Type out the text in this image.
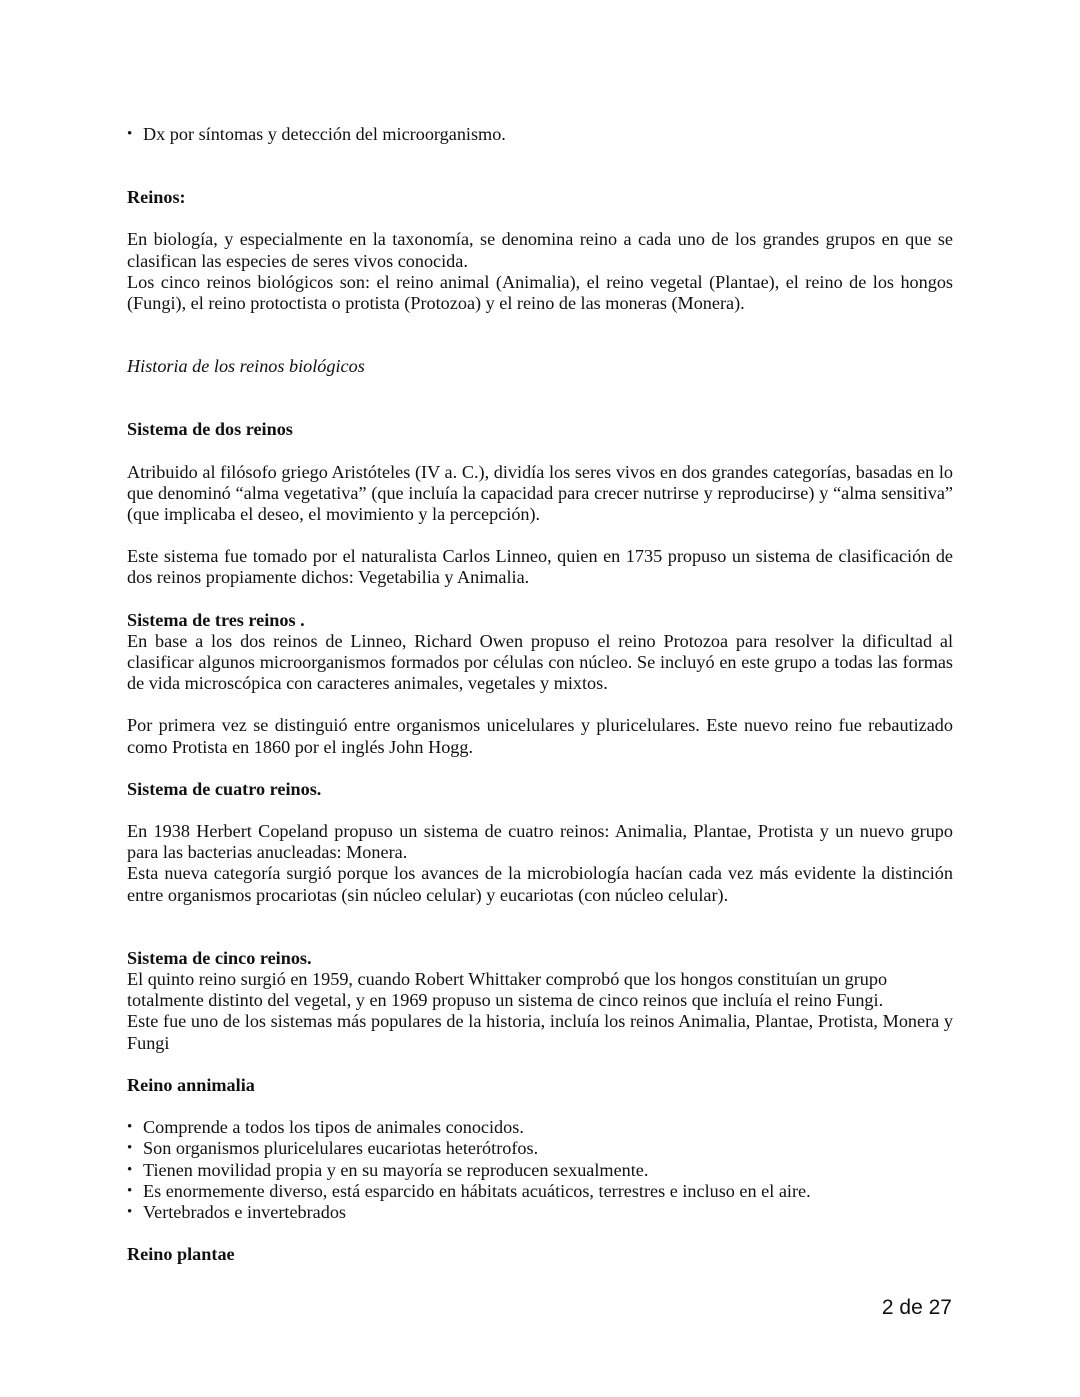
• Dx por síntomas y detección del microorganismo.

Reinos:

En biología, y especialmente en la taxonomía, se denomina reino a cada uno de los grandes grupos en que se clasifican las especies de seres vivos conocida.

Los cinco reinos biológicos son: el reino animal (Animalia), el reino vegetal (Plantae), el reino de los hongos (Fungi), el reino protoctista o protista (Protozoa) y el reino de las moneras (Monera).

Historia de los reinos biológicos

Sistema de dos reinos

Atribuido al filósofo griego Aristóteles (IV a. C.), dividía los seres vivos en dos grandes categorías, basadas en lo que denominó “alma vegetativa” (que incluía la capacidad para crecer nutrirse y reproducirse) y “alma sensitiva” (que implicaba el deseo, el movimiento y la percepción).

Este sistema fue tomado por el naturalista Carlos Linneo, quien en 1735 propuso un sistema de clasificación de dos reinos propiamente dichos: Vegetabilia y Animalia.

Sistema de tres reinos .

En base a los dos reinos de Linneo, Richard Owen propuso el reino Protozoa para resolver la dificultad al clasificar algunos microorganismos formados por células con núcleo. Se incluyó en este grupo a todas las formas de vida microscópica con caracteres animales, vegetales y mixtos.

Por primera vez se distinguió entre organismos unicelulares y pluricelulares. Este nuevo reino fue rebautizado como Protista en 1860 por el inglés John Hogg.

Sistema de cuatro reinos.

En 1938 Herbert Copeland propuso un sistema de cuatro reinos: Animalia, Plantae, Protista y un nuevo grupo para las bacterias anucleadas: Monera.

Esta nueva categoría surgió porque los avances de la microbiología hacían cada vez más evidente la distinción entre organismos procariotas (sin núcleo celular) y eucariotas (con núcleo celular).

Sistema de cinco reinos.

El quinto reino surgió en 1959, cuando Robert Whittaker comprobó que los hongos constituían un grupo

totalmente distinto del vegetal, y en 1969 propuso un sistema de cinco reinos que incluía el reino Fungi.

Este fue uno de los sistemas más populares de la historia, incluía los reinos Animalia, Plantae, Protista, Monera y Fungi

Reino annimalia

• Comprende a todos los tipos de animales conocidos.
• Son organismos pluricelulares eucariotas heterótrofos.
• Tienen movilidad propia y en su mayoría se reproducen sexualmente.
• Es enormemente diverso, está esparcido en hábitats acuáticos, terrestres e incluso en el aire.
• Vertebrados e invertebrados

Reino plantae

2 de 27
